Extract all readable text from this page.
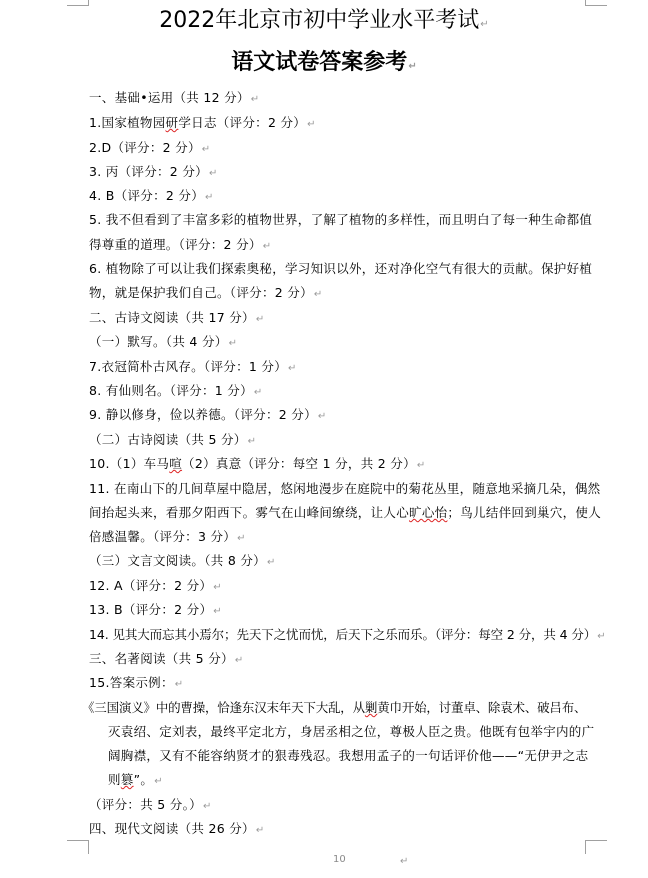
2022年北京市初中学业水平考试↵
语文试卷答案参考↵
一、基础•运用（共 12 分）↵
1.国家植物园研学日志（评分：2 分）↵
2.D（评分：2 分）↵
3. 丙（评分：2 分）↵
4. B（评分：2 分）↵
5. 我不但看到了丰富多彩的植物世界，了解了植物的多样性，而且明白了每一种生命都值
得尊重的道理。（评分：2 分）↵
6. 植物除了可以让我们探索奥秘，学习知识以外，还对净化空气有很大的贡献。保护好植
物，就是保护我们自己。（评分：2 分）↵
二、古诗文阅读（共 17 分）↵
（一）默写。（共 4 分）↵
7.衣冠简朴古风存。（评分：1 分）↵
8. 有仙则名。（评分：1 分）↵
9. 静以修身，俭以养德。（评分：2 分）↵
（二）古诗阅读（共 5 分）↵
10.（1）车马喧（2）真意（评分：每空 1 分，共 2 分）↵
11. 在南山下的几间草屋中隐居，悠闲地漫步在庭院中的菊花丛里，随意地采摘几朵，偶然
间抬起头来，看那夕阳西下。雾气在山峰间缭绕，让人心旷心怡；鸟儿结伴回到巢穴，使人
倍感温馨。（评分：3 分）↵
（三）文言文阅读。（共 8 分）↵
12. A（评分：2 分）↵
13. B（评分：2 分）↵
14. 见其大而忘其小焉尔；先天下之忧而忧，后天下之乐而乐。（评分：每空 2 分，共 4 分）↵
三、名著阅读（共 5 分）↵
15.答案示例：↵
《三国演义》中的曹操，恰逢东汉末年天下大乱，从剿黄巾开始，讨董卓、除袁术、破吕布、
灭袁绍、定刘表，最终平定北方，身居丞相之位，尊极人臣之贵。他既有包举宇内的广
阔胸襟，又有不能容纳贤才的狠毒残忍。我想用孟子的一句话评价他——“无伊尹之志
则篡”。↵
（评分：共 5 分。）↵
四、现代文阅读（共 26 分）↵
10	↵
